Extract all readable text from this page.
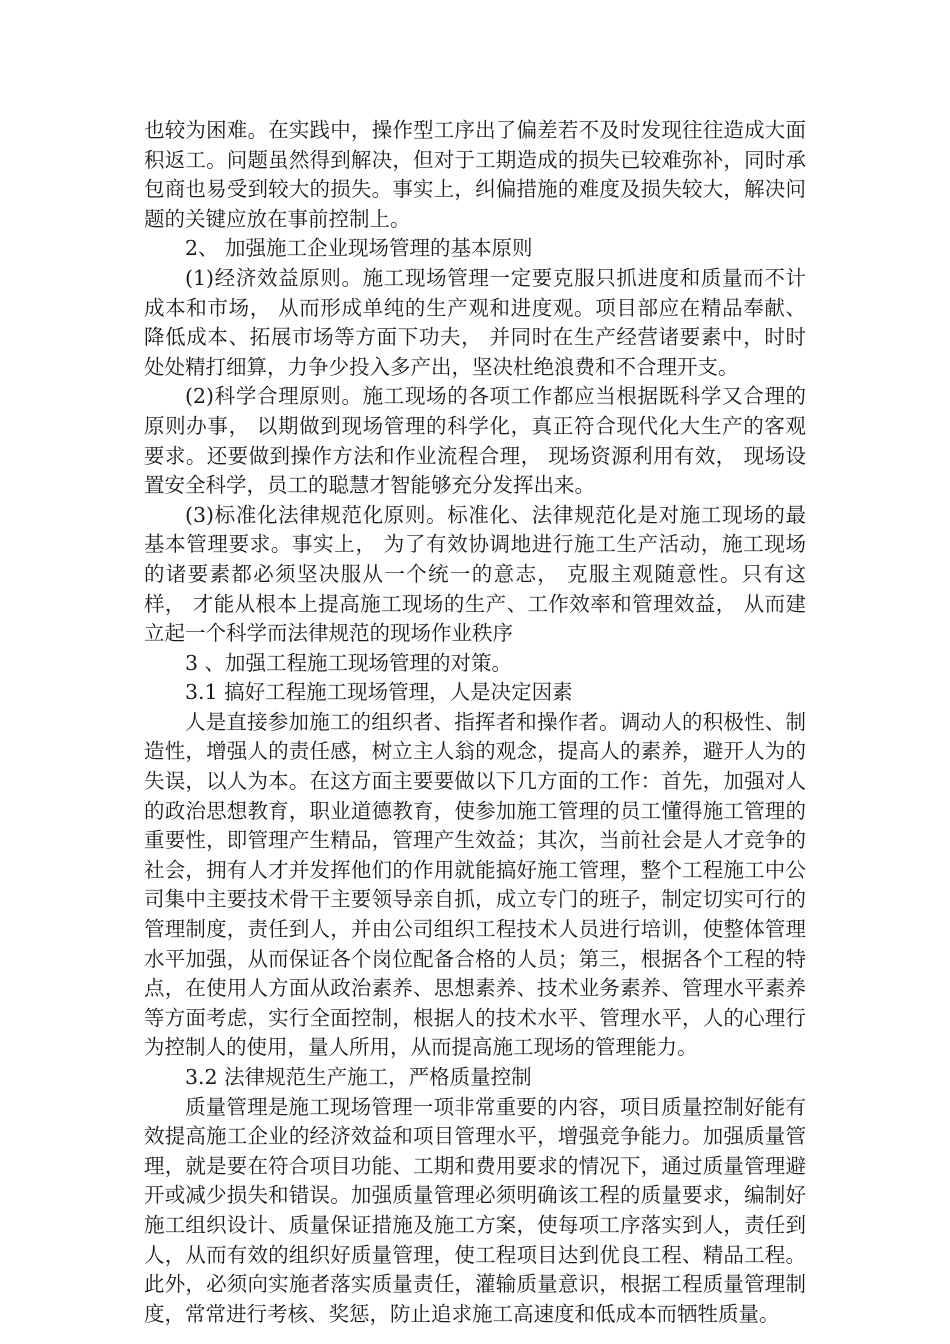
也较为困难。在实践中，操作型工序出了偏差若不及时发现往往造成大面积返工。问题虽然得到解决，但对于工期造成的损失已较难弥补，同时承包商也易受到较大的损失。事实上，纠偏措施的难度及损失较大，解决问题的关键应放在事前控制上。

2、 加强施工企业现场管理的基本原则

(1)经济效益原则。施工现场管理一定要克服只抓进度和质量而不计成本和市场， 从而形成单纯的生产观和进度观。项目部应在精品奉献、降低成本、拓展市场等方面下功夫， 并同时在生产经营诸要素中，时时处处精打细算，力争少投入多产出，坚决杜绝浪费和不合理开支。

(2)科学合理原则。施工现场的各项工作都应当根据既科学又合理的原则办事， 以期做到现场管理的科学化，真正符合现代化大生产的客观要求。还要做到操作方法和作业流程合理， 现场资源利用有效， 现场设置安全科学，员工的聪慧才智能够充分发挥出来。

(3)标准化法律规范化原则。标准化、法律规范化是对施工现场的最基本管理要求。事实上， 为了有效协调地进行施工生产活动，施工现场的诸要素都必须坚决服从一个统一的意志， 克服主观随意性。只有这样， 才能从根本上提高施工现场的生产、工作效率和管理效益， 从而建立起一个科学而法律规范的现场作业秩序

3 、加强工程施工现场管理的对策。

3.1 搞好工程施工现场管理，人是决定因素

人是直接参加施工的组织者、指挥者和操作者。调动人的积极性、制造性，增强人的责任感，树立主人翁的观念，提高人的素养，避开人为的失误，以人为本。在这方面主要要做以下几方面的工作：首先，加强对人的政治思想教育，职业道德教育，使参加施工管理的员工懂得施工管理的重要性，即管理产生精品，管理产生效益；其次，当前社会是人才竞争的社会，拥有人才并发挥他们的作用就能搞好施工管理，整个工程施工中公司集中主要技术骨干主要领导亲自抓，成立专门的班子，制定切实可行的管理制度，责任到人，并由公司组织工程技术人员进行培训，使整体管理水平加强，从而保证各个岗位配备合格的人员；第三，根据各个工程的特点，在使用人方面从政治素养、思想素养、技术业务素养、管理水平素养等方面考虑，实行全面控制，根据人的技术水平、管理水平，人的心理行为控制人的使用，量人所用，从而提高施工现场的管理能力。

3.2 法律规范生产施工，严格质量控制

质量管理是施工现场管理一项非常重要的内容，项目质量控制好能有效提高施工企业的经济效益和项目管理水平，增强竞争能力。加强质量管理，就是要在符合项目功能、工期和费用要求的情况下，通过质量管理避开或减少损失和错误。加强质量管理必须明确该工程的质量要求，编制好施工组织设计、质量保证措施及施工方案，使每项工序落实到人，责任到人，从而有效的组织好质量管理，使工程项目达到优良工程、精品工程。此外，必须向实施者落实质量责任，灌输质量意识，根据工程质量管理制度，常常进行考核、奖惩，防止追求施工高速度和低成本而牺牲质量。
